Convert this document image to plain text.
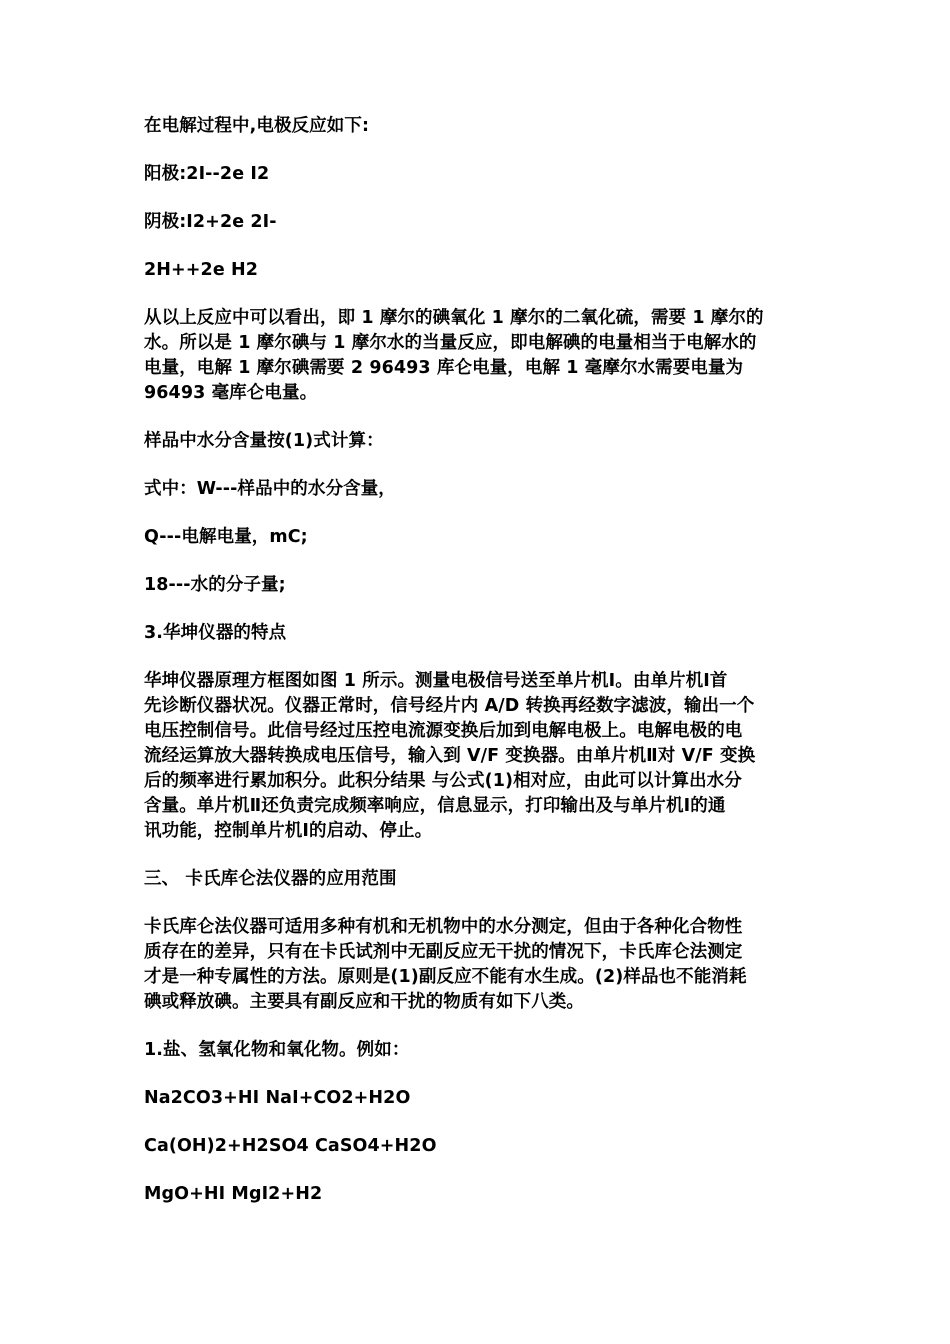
在电解过程中,电极反应如下:
阳极:2I--2e I2
阴极:I2+2e 2I-
2H++2e H2
从以上反应中可以看出，即 1 摩尔的碘氧化 1 摩尔的二氧化硫，需要 1 摩尔的
水。所以是 1 摩尔碘与 1 摩尔水的当量反应，即电解碘的电量相当于电解水的
电量，电解 1 摩尔碘需要 2 96493 库仑电量，电解 1 毫摩尔水需要电量为
96493 毫库仑电量。
样品中水分含量按(1)式计算：
式中：W---样品中的水分含量，
Q---电解电量，mC;
18---水的分子量;
3.华坤仪器的特点
华坤仪器原理方框图如图 1 所示。测量电极信号送至单片机Ⅰ。由单片机Ⅰ首
先诊断仪器状况。仪器正常时，信号经片内 A/D 转换再经数字滤波，输出一个
电压控制信号。此信号经过压控电流源变换后加到电解电极上。电解电极的电
流经运算放大器转换成电压信号，输入到 V/F 变换器。由单片机Ⅱ对 V/F 变换
后的频率进行累加积分。此积分结果 与公式(1)相对应，由此可以计算出水分
含量。单片机Ⅱ还负责完成频率响应，信息显示，打印输出及与单片机Ⅰ的通
讯功能，控制单片机Ⅰ的启动、停止。
三、 卡氏库仑法仪器的应用范围
卡氏库仑法仪器可适用多种有机和无机物中的水分测定，但由于各种化合物性
质存在的差异，只有在卡氏试剂中无副反应无干扰的情况下，卡氏库仑法测定
才是一种专属性的方法。原则是(1)副反应不能有水生成。(2)样品也不能消耗
碘或释放碘。主要具有副反应和干扰的物质有如下八类。
1.盐、氢氧化物和氧化物。例如：
Na2CO3+HI NaI+CO2+H2O
Ca(OH)2+H2SO4 CaSO4+H2O
MgO+HI MgI2+H2
